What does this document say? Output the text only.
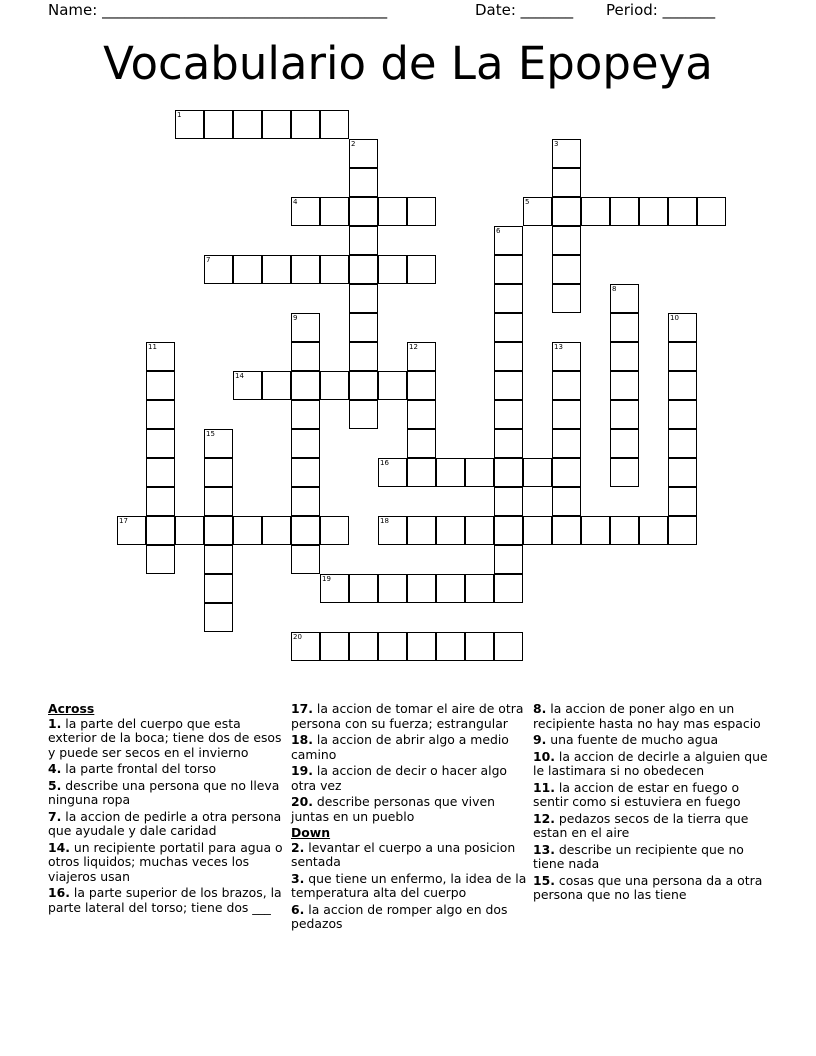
Name: ______________________________________	Date: _______ Period: _______
Vocabulario de La Epopeya
1
2	3
4	5
6
7
8
9	10
11	12	13
14
15
16
17	18
19
20
Across
1. la parte del cuerpo que esta exterior de la boca; tiene dos de esos y puede ser secos en el invierno
4. la parte frontal del torso
5. describe una persona que no lleva ninguna ropa
7. la accion de pedirle a otra persona que ayudale y dale caridad
14. un recipiente portatil para agua o otros liquidos; muchas veces los viajeros usan
16. la parte superior de los brazos, la parte lateral del torso; tiene dos ___
17. la accion de tomar el aire de otra persona con su fuerza; estrangular
18. la accion de abrir algo a medio camino
19. la accion de decir o hacer algo otra vez
20. describe personas que viven juntas en un pueblo
Down
2. levantar el cuerpo a una posicion sentada
3. que tiene un enfermo, la idea de la temperatura alta del cuerpo
6. la accion de romper algo en dos pedazos
8. la accion de poner algo en un recipiente hasta no hay mas espacio
9. una fuente de mucho agua
10. la accion de decirle a alguien que le lastimara si no obedecen
11. la accion de estar en fuego o sentir como si estuviera en fuego
12. pedazos secos de la tierra que estan en el aire
13. describe un recipiente que no tiene nada
15. cosas que una persona da a otra persona que no las tiene
